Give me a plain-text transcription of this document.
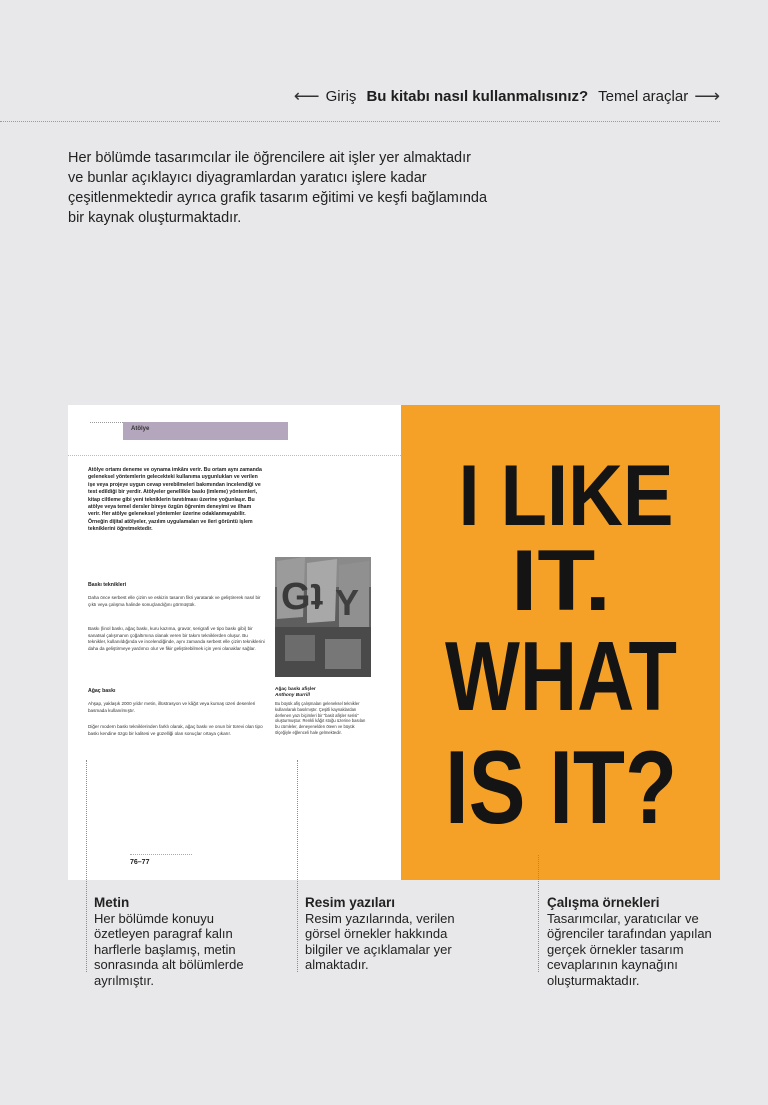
⟵ Giriş Bu kitabı nasıl kullanmalısınız? Temel araçlar ⟶

Her bölümde tasarımcılar ile öğrencilere ait işler yer almaktadır ve bunlar açıklayıcı diyagramlardan yaratıcı işlere kadar çeşitlenmektedir ayrıca grafik tasarım eğitimi ve keşfi bağlamında bir kaynak oluşturmaktadır.

Atölye
Atölye ortamı deneme ve oynama imkânı verir. Bu ortam aynı zamanda geleneksel yöntemlerin gelecekteki kullanıma uygunlukları ve verilen işe veya projeye uygun cevap verebilmeleri bakımından incelendiği ve test edildiği bir yerdir. Atölyeler genellikle baskı (imleme) yöntemleri, kitap ciltleme gibi yeni tekniklerin tanıtılması üzerine yoğunlaşır. Bu atölye veya temel dersler bireye özgün öğrenim deneyimi ve ilham verir. Her atölye geleneksel yöntemler üzerine odaklanmayabilir. Örneğin dijital atölyeler, yazılım uygulamaları ve ileri görüntü işlem tekniklerini öğretmektedir.
Baskı teknikleri
Daha önce serbest elle çizim ve eskizin tasarım fikri yaratarak ve geliştirerek nasıl bir çıktı veya çalışma halinde sonuçlandığını görmüştük.
Baskı (linol baskı, ağaç baskı, kuru kazıma, gravür, serigrafi ve tipo baskı gibi) bir sanatsal çalışmanın çoğaltımına olanak veren bir takım tekniklerden oluşur. Bu teknikler, kullanıldığında ve incelendiğinde, aynı zamanda serbest elle çizim tekniklerini daha da geliştirmeye yardımcı olur ve fikir geliştirebilmek için yeni olanaklar sağlar.
Ağaç baskı
Ahşap, yaklaşık 2000 yıldır metin, illüstrasyon ve kâğıt veya kumaş üzeri desenleri basmada kullanılmıştır.
Diğer modern baskı tekniklerinden farklı olarak, ağaç baskı ve onun bir türevi olan tipo baskı kendine özgü bir kalitesi ve güzelliği olan sonuçlar ortaya çıkarır.
Gʇ Y
Ağaç baskı afişler
Anthony Burrill
Bu büyük afiş çalışmaları geleneksel teknikler kullanılarak basılmıştır. Çeşitli kaynaklardan derlenen yazı biçimleri bir "basit afişler serisi" oluşturmuştur. Renkli kâğıt stoğu üzerine basılan bu cümleler, deneyenelden öteen ve büyük ölçeğiyle eğlenceli hale gelmektedir.
76–77
I LIKE
IT.
WHAT
IS IT?
Metin
Her bölümde konuyu özetleyen paragraf kalın harflerle başlamış, metin sonrasında alt bölümlerde ayrılmıştır.
Resim yazıları
Resim yazılarında, verilen görsel örnekler hakkında bilgiler ve açıklamalar yer almaktadır.
Çalışma örnekleri
Tasarımcılar, yaratıcılar ve öğrenciler tarafından yapılan gerçek örnekler tasarım cevaplarının kaynağını oluşturmaktadır.
